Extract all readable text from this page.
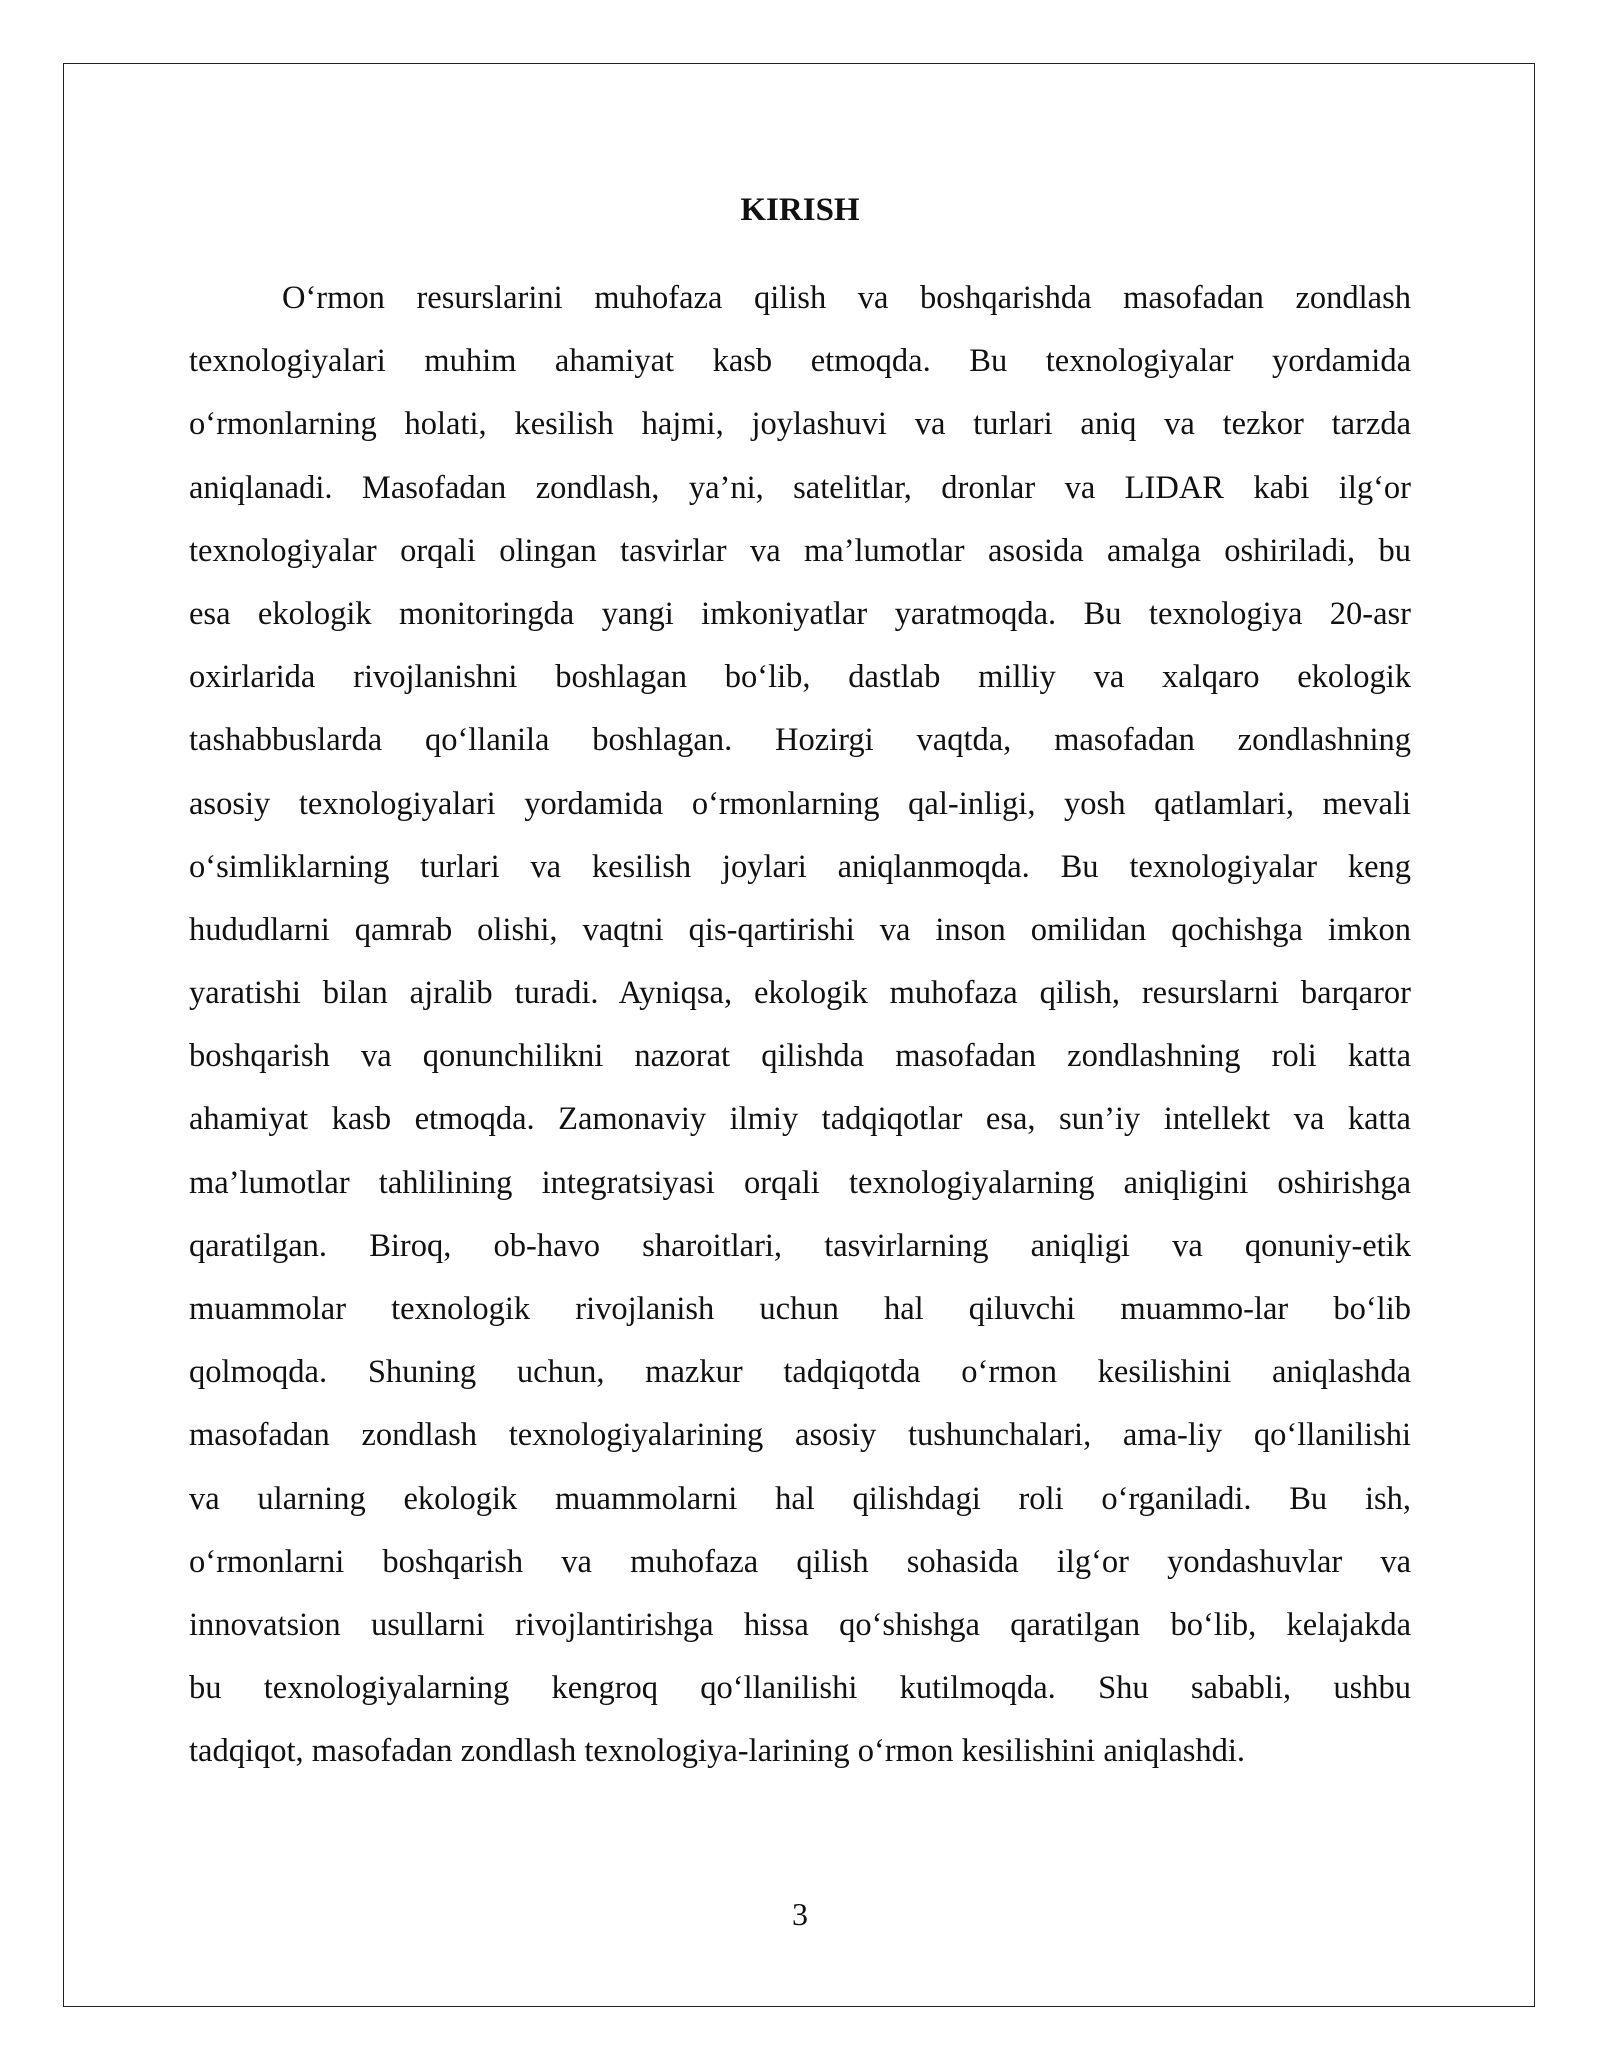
KIRISH
O‘rmon resurslarini muhofaza qilish va boshqarishda masofadan zondlash
texnologiyalari muhim ahamiyat kasb etmoqda. Bu texnologiyalar yordamida
o‘rmonlarning holati, kesilish hajmi, joylashuvi va turlari aniq va tezkor tarzda
aniqlanadi. Masofadan zondlash, ya’ni, satelitlar, dronlar va LIDAR kabi ilg‘or
texnologiyalar orqali olingan tasvirlar va ma’lumotlar asosida amalga oshiriladi, bu
esa ekologik monitoringda yangi imkoniyatlar yaratmoqda. Bu texnologiya 20-asr
oxirlarida rivojlanishni boshlagan bo‘lib, dastlab milliy va xalqaro ekologik
tashabbuslarda qo‘llanila boshlagan. Hozirgi vaqtda, masofadan zondlashning
asosiy texnologiyalari yordamida o‘rmonlarning qal-inligi, yosh qatlamlari, mevali
o‘simliklarning turlari va kesilish joylari aniqlanmoqda. Bu texnologiyalar keng
hududlarni qamrab olishi, vaqtni qis-qartirishi va inson omilidan qochishga imkon
yaratishi bilan ajralib turadi. Ayniqsa, ekologik muhofaza qilish, resurslarni barqaror
boshqarish va qonunchilikni nazorat qilishda masofadan zondlashning roli katta
ahamiyat kasb etmoqda. Zamonaviy ilmiy tadqiqotlar esa, sun’iy intellekt va katta
ma’lumotlar tahlilining integratsiyasi orqali texnologiyalarning aniqligini oshirishga
qaratilgan. Biroq, ob-havo sharoitlari, tasvirlarning aniqligi va qonuniy-etik
muammolar texnologik rivojlanish uchun hal qiluvchi muammo-lar bo‘lib
qolmoqda. Shuning uchun, mazkur tadqiqotda o‘rmon kesilishini aniqlashda
masofadan zondlash texnologiyalarining asosiy tushunchalari, ama-liy qo‘llanilishi
va ularning ekologik muammolarni hal qilishdagi roli o‘rganiladi. Bu ish,
o‘rmonlarni boshqarish va muhofaza qilish sohasida ilg‘or yondashuvlar va
innovatsion usullarni rivojlantirishga hissa qo‘shishga qaratilgan bo‘lib, kelajakda
bu texnologiyalarning kengroq qo‘llanilishi kutilmoqda. Shu sababli, ushbu
tadqiqot, masofadan zondlash texnologiya-larining o‘rmon kesilishini aniqlashdi.
3
